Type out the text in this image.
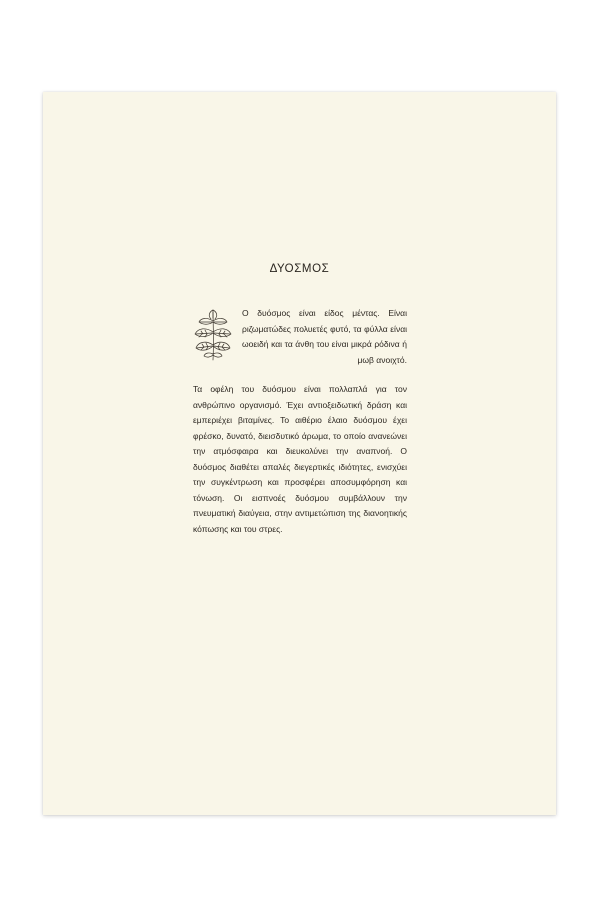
ΔΥΟΣΜΟΣ
Ο δυόσμος είναι είδος μέντας. Είναι ριζωματώδες πολυετές φυτό, τα φύλλα είναι ωοειδή και τα άνθη του είναι μικρά ρόδινα ή μωβ ανοιχτό.
Τα οφέλη του δυόσμου είναι πολλαπλά για τον ανθρώπινο οργανισμό. Έχει αντιοξειδωτική δράση και εμπεριέχει βιταμίνες. Το αιθέριο έλαιο δυόσμου έχει φρέσκο, δυνατό, διεισδυτικό άρωμα, το οποίο ανανεώνει την ατμόσφαιρα και διευκολύνει την αναπνοή. Ο δυόσμος διαθέτει απαλές διεγερτικές ιδιότητες, ενισχύει την συγκέντρωση και προσφέρει αποσυμφόρηση και τόνωση. Οι εισπνοές δυόσμου συμβάλλουν την πνευματική διαύγεια, στην αντιμετώπιση της διανοητικής κόπωσης και του στρες.
